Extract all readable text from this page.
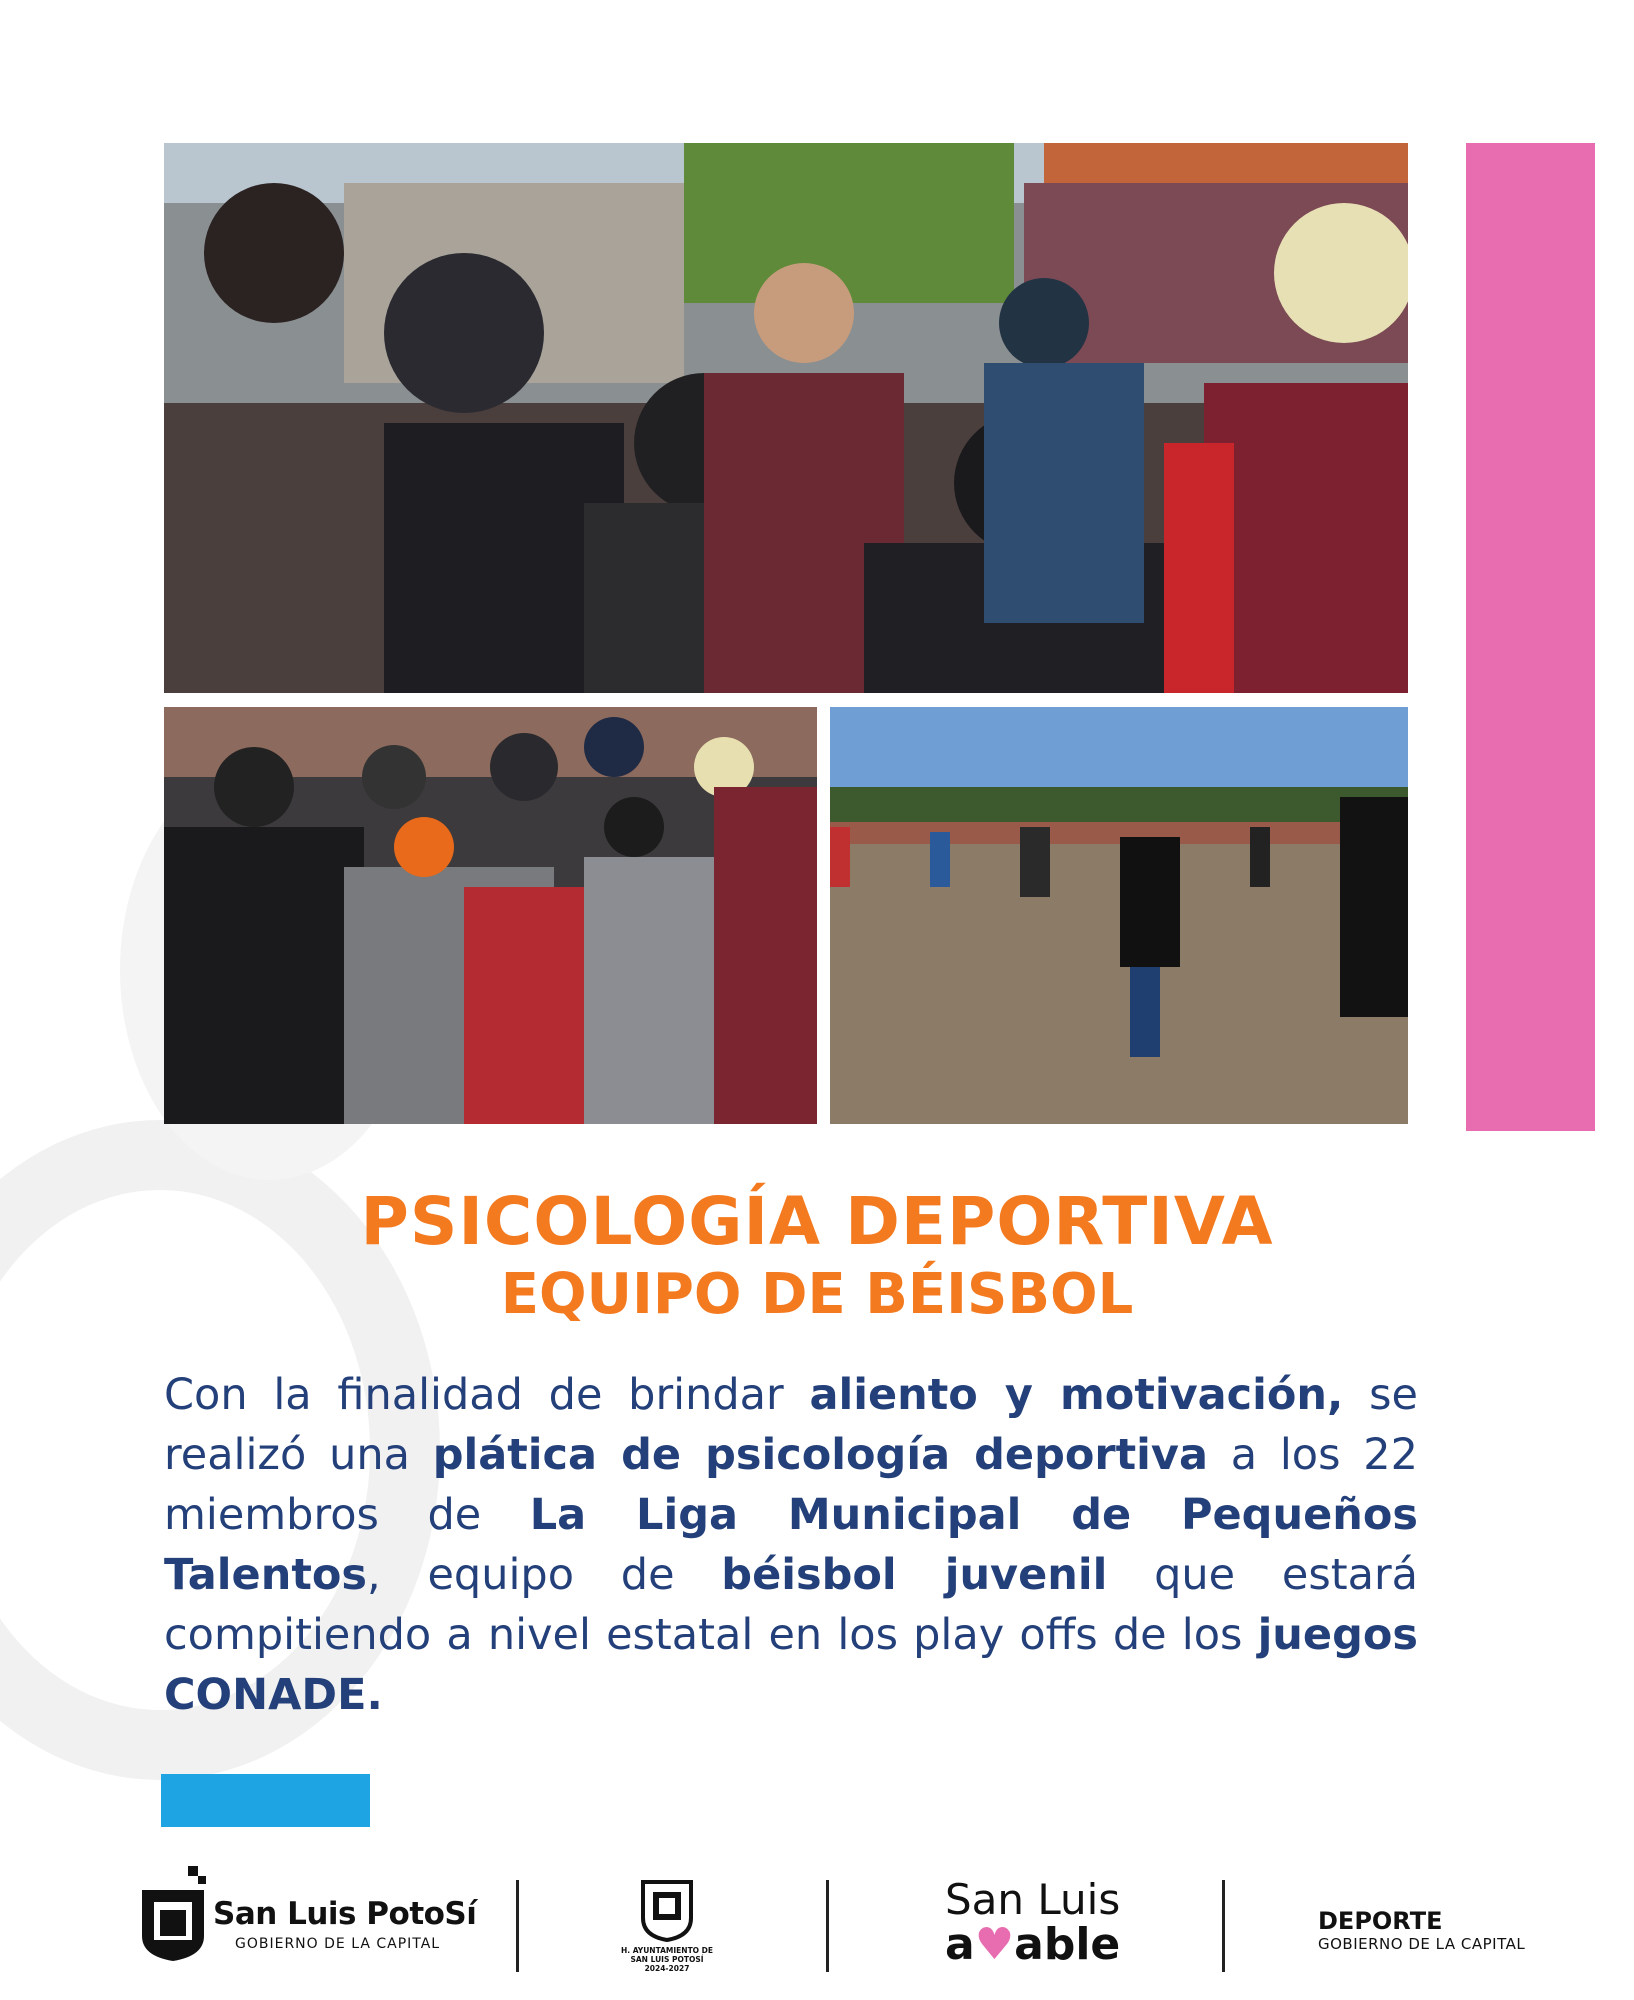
PSICOLOGÍA DEPORTIVA
EQUIPO DE BÉISBOL
Con la finalidad de brindar aliento y motivación, se realizó una plática de psicología deportiva a los 22 miembros de La Liga Municipal de Pequeños Talentos, equipo de béisbol juvenil que estará compitiendo a nivel estatal en los play offs de los juegos CONADE.
San Luis PotoSí
GOBIERNO DE LA CAPITAL	H. AYUNTAMIENTO DE
SAN LUIS POTOSÍ
2024-2027
San Luis
a♥able	DEPORTE
GOBIERNO DE LA CAPITAL
